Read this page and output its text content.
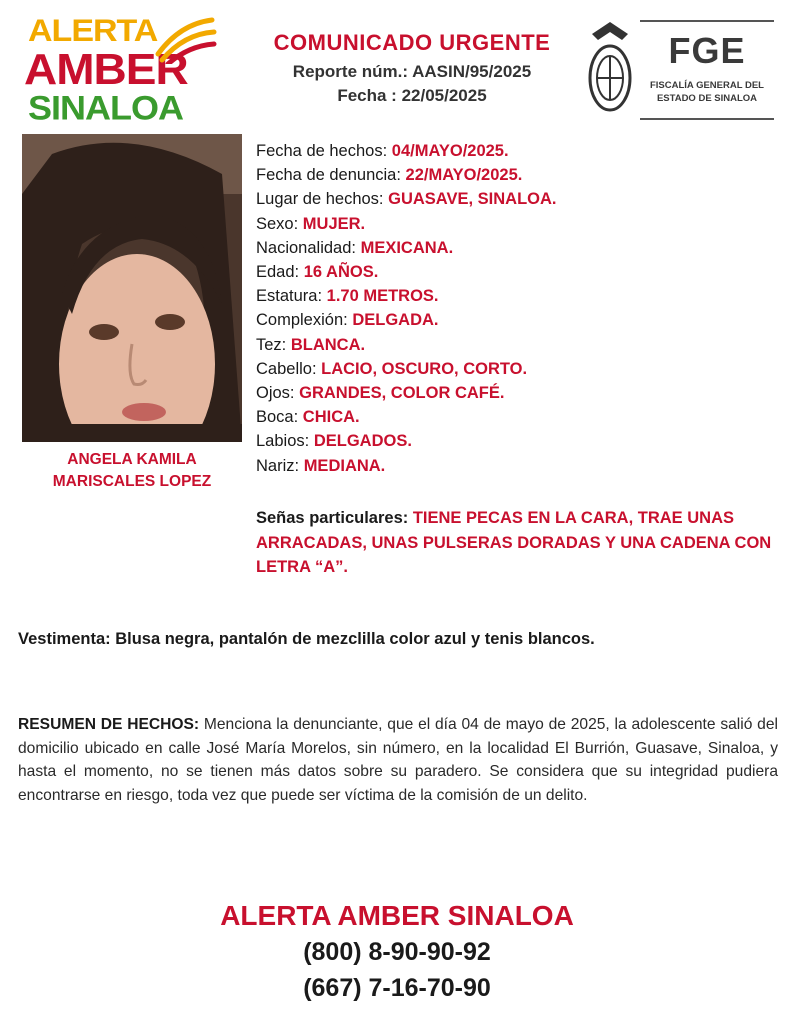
ALERTA
AMBER
SINALOA
COMUNICADO URGENTE
Reporte núm.: AASIN/95/2025
Fecha : 22/05/2025
FGE
FISCALÍA GENERAL DEL
ESTADO DE SINALOA
ANGELA KAMILA
MARISCALES LOPEZ
Fecha de hechos: 04/MAYO/2025.
Fecha de denuncia: 22/MAYO/2025.
Lugar de hechos: GUASAVE, SINALOA.
Sexo: MUJER.
Nacionalidad: MEXICANA.
Edad: 16 AÑOS.
Estatura: 1.70 METROS.
Complexión: DELGADA.
Tez: BLANCA.
Cabello: LACIO, OSCURO, CORTO.
Ojos: GRANDES, COLOR CAFÉ.
Boca: CHICA.
Labios: DELGADOS.
Nariz: MEDIANA.
Señas particulares: TIENE PECAS EN LA CARA, TRAE UNAS ARRACADAS, UNAS PULSERAS DORADAS Y UNA CADENA CON LETRA “A”.
Vestimenta: Blusa negra, pantalón de mezclilla color azul y tenis blancos.
RESUMEN DE HECHOS: Menciona la denunciante, que el día 04 de mayo de 2025, la adolescente salió del domicilio ubicado en calle José María Morelos, sin número, en la localidad El Burrión, Guasave, Sinaloa, y hasta el momento, no se tienen más datos sobre su paradero. Se considera que su integridad pudiera encontrarse en riesgo, toda vez que puede ser víctima de la comisión de un delito.
ALERTA AMBER SINALOA
(800) 8-90-90-92
(667) 7-16-70-90
